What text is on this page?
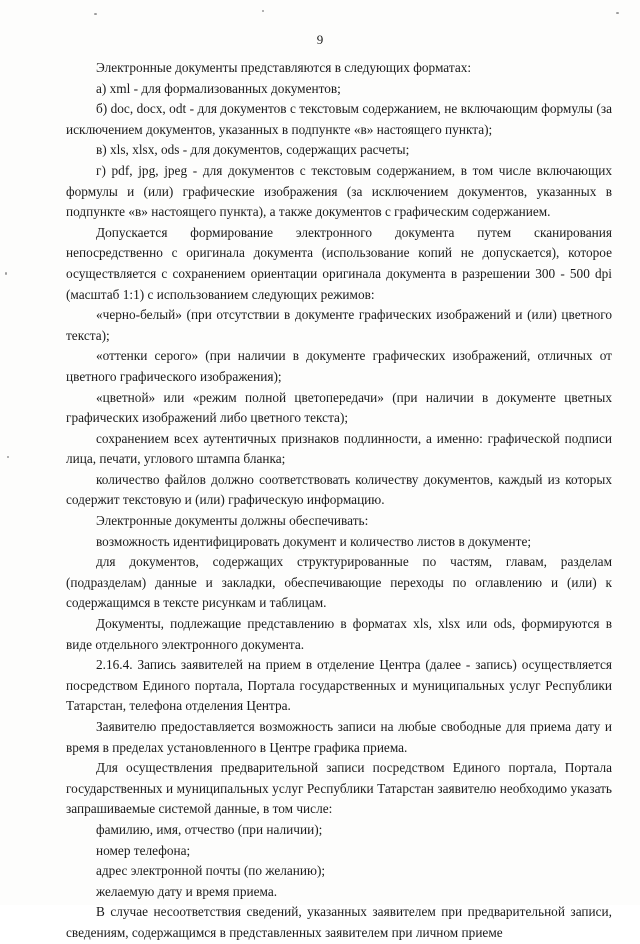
9

Электронные документы представляются в следующих форматах:

а) xml - для формализованных документов;

б) doc, docx, odt - для документов с текстовым содержанием, не включающим формулы (за исключением документов, указанных в подпункте «в» настоящего пункта);

в) xls, xlsx, ods - для документов, содержащих расчеты;

г) pdf, jpg, jpeg - для документов с текстовым содержанием, в том числе включающих формулы и (или) графические изображения (за исключением документов, указанных в подпункте «в» настоящего пункта), а также документов с графическим содержанием.

Допускается формирование электронного документа путем сканирования непосредственно с оригинала документа (использование копий не допускается), которое осуществляется с сохранением ориентации оригинала документа в разрешении 300 - 500 dpi (масштаб 1:1) с использованием следующих режимов:

«черно-белый» (при отсутствии в документе графических изображений и (или) цветного текста);

«оттенки серого» (при наличии в документе графических изображений, отличных от цветного графического изображения);

«цветной» или «режим полной цветопередачи» (при наличии в документе цветных графических изображений либо цветного текста);

сохранением всех аутентичных признаков подлинности, а именно: графической подписи лица, печати, углового штампа бланка;

количество файлов должно соответствовать количеству документов, каждый из которых содержит текстовую и (или) графическую информацию.

Электронные документы должны обеспечивать:

возможность идентифицировать документ и количество листов в документе;

для документов, содержащих структурированные по частям, главам, разделам (подразделам) данные и закладки, обеспечивающие переходы по оглавлению и (или) к содержащимся в тексте рисункам и таблицам.

Документы, подлежащие представлению в форматах xls, xlsx или ods, формируются в виде отдельного электронного документа.

2.16.4. Запись заявителей на прием в отделение Центра (далее - запись) осуществляется посредством Единого портала, Портала государственных и муниципальных услуг Республики Татарстан, телефона отделения Центра.

Заявителю предоставляется возможность записи на любые свободные для приема дату и время в пределах установленного в Центре графика приема.

Для осуществления предварительной записи посредством Единого портала, Портала государственных и муниципальных услуг Республики Татарстан заявителю необходимо указать запрашиваемые системой данные, в том числе:

фамилию, имя, отчество (при наличии);

номер телефона;

адрес электронной почты (по желанию);

желаемую дату и время приема.

В случае несоответствия сведений, указанных заявителем при предварительной записи, сведениям, содержащимся в представленных заявителем при личном приеме
